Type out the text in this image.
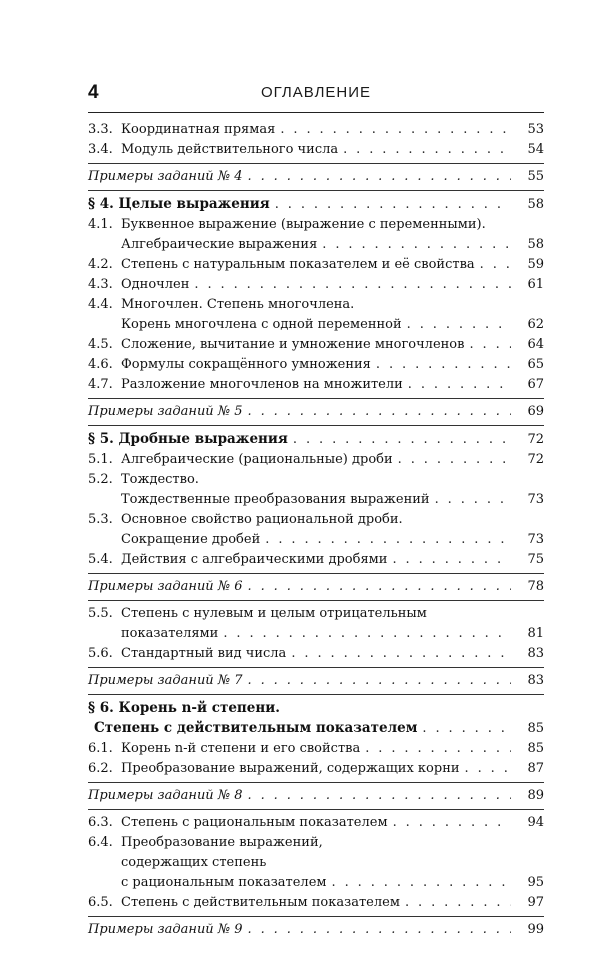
4	ОГЛАВЛЕНИЕ
3.3. Координатная прямая . . .	53
3.4. Модуль действительного числа . . .	54
Примеры заданий № 4 . . .	55
§ 4. Целые выражения . . .	58
4.1. Буквенное выражение (выражение с переменными).
Алгебраические выражения . . .	58
4.2. Степень с натуральным показателем и её свойства . . .	59
4.3. Одночлен . . .	61
4.4. Многочлен. Степень многочлена.
Корень многочлена с одной переменной . . .	62
4.5. Сложение, вычитание и умножение многочленов . . .	64
4.6. Формулы сокращённого умножения . . .	65
4.7. Разложение многочленов на множители . . .	67
Примеры заданий № 5 . . .	69
§ 5. Дробные выражения . . .	72
5.1. Алгебраические (рациональные) дроби . . .	72
5.2. Тождество.
Тождественные преобразования выражений . . .	73
5.3. Основное свойство рациональной дроби.
Сокращение дробей . . .	73
5.4. Действия с алгебраическими дробями . . .	75
Примеры заданий № 6 . . .	78
5.5. Степень с нулевым и целым отрицательным
показателями . . .	81
5.6. Стандартный вид числа . . .	83
Примеры заданий № 7 . . .	83
§ 6. Корень n-й степени.
Степень с действительным показателем . . .	85
6.1. Корень n-й степени и его свойства . . .	85
6.2. Преобразование выражений, содержащих корни . . .	87
Примеры заданий № 8 . . .	89
6.3. Степень с рациональным показателем . . .	94
6.4. Преобразование выражений,
содержащих степень
с рациональным показателем . . .	95
6.5. Степень с действительным показателем . . .	97
Примеры заданий № 9 . . .	99
